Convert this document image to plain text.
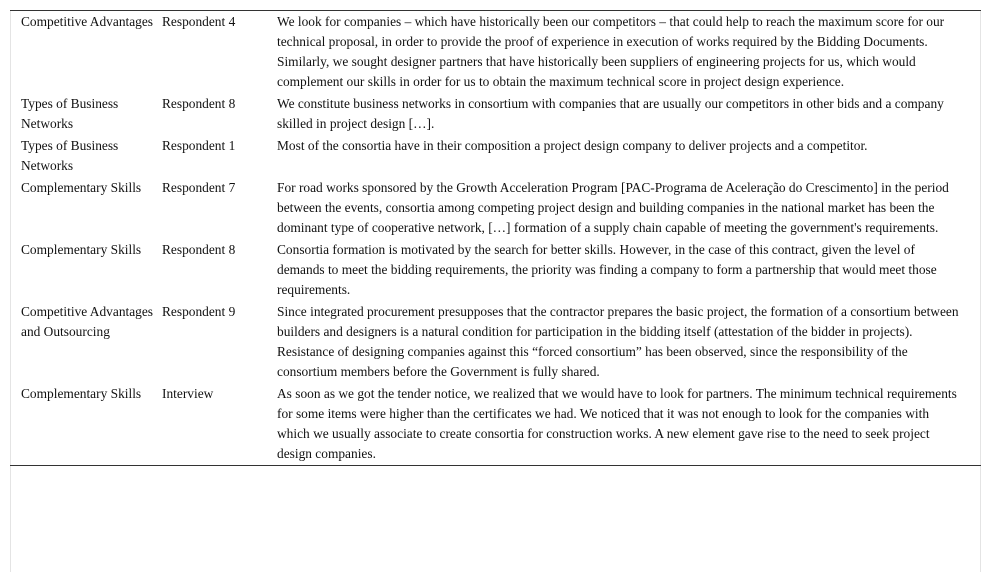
Competitive Advantages	Respondent 4	We look for companies – which have historically been our competitors – that could help to reach the maximum score for our technical proposal, in order to provide the proof of experience in execution of works required by the Bidding Documents. Similarly, we sought designer partners that have historically been suppliers of engineering projects for us, which would complement our skills in order for us to obtain the maximum technical score in project design experience.
Types of Business Networks	Respondent 8	We constitute business networks in consortium with companies that are usually our competitors in other bids and a company skilled in project design […].
Types of Business Networks	Respondent 1	Most of the consortia have in their composition a project design company to deliver projects and a competitor.
Complementary Skills	Respondent 7	For road works sponsored by the Growth Acceleration Program [PAC-Programa de Aceleração do Crescimento] in the period between the events, consortia among competing project design and building companies in the national market has been the dominant type of cooperative network, […] formation of a supply chain capable of meeting the government's requirements.
Complementary Skills	Respondent 8	Consortia formation is motivated by the search for better skills. However, in the case of this contract, given the level of demands to meet the bidding requirements, the priority was finding a company to form a partnership that would meet those requirements.
Competitive Advantages and Outsourcing	Respondent 9	Since integrated procurement presupposes that the contractor prepares the basic project, the formation of a consortium between builders and designers is a natural condition for participation in the bidding itself (attestation of the bidder in projects). Resistance of designing companies against this “forced consortium” has been observed, since the responsibility of the consortium members before the Government is fully shared.
Complementary Skills	Interview	As soon as we got the tender notice, we realized that we would have to look for partners. The minimum technical requirements for some items were higher than the certificates we had. We noticed that it was not enough to look for the companies with which we usually associate to create consortia for construction works. A new element gave rise to the need to seek project design companies.
